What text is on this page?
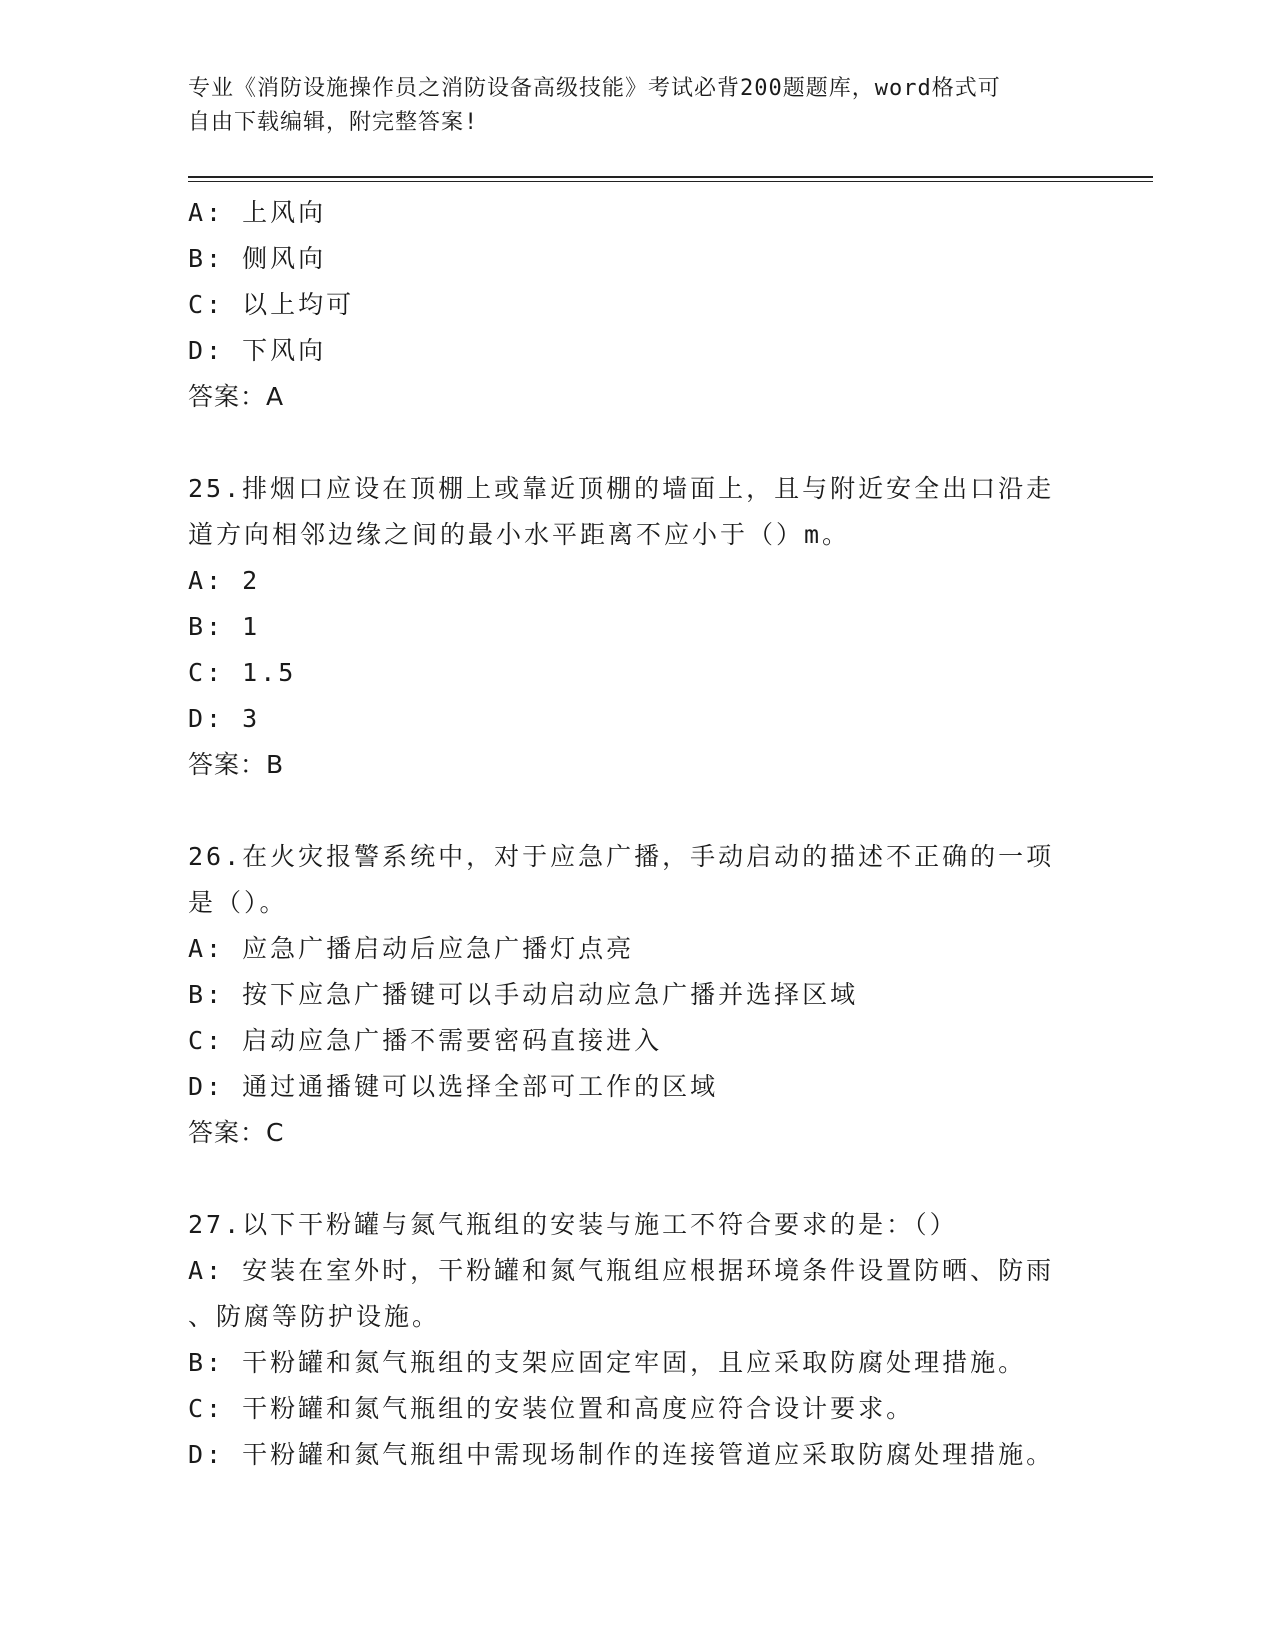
专业《消防设施操作员之消防设备高级技能》考试必背200题题库，word格式可
自由下载编辑，附完整答案!
A: 上风向
B: 侧风向
C: 以上均可
D: 下风向
答案：A
25.排烟口应设在顶棚上或靠近顶棚的墙面上，且与附近安全出口沿走
道方向相邻边缘之间的最小水平距离不应小于（）m。
A: 2
B: 1
C: 1.5
D: 3
答案：B
26.在火灾报警系统中，对于应急广播，手动启动的描述不正确的一项
是（）。
A: 应急广播启动后应急广播灯点亮
B: 按下应急广播键可以手动启动应急广播并选择区域
C: 启动应急广播不需要密码直接进入
D: 通过通播键可以选择全部可工作的区域
答案：C
27.以下干粉罐与氮气瓶组的安装与施工不符合要求的是：（）
A: 安装在室外时，干粉罐和氮气瓶组应根据环境条件设置防晒、防雨
、防腐等防护设施。
B: 干粉罐和氮气瓶组的支架应固定牢固，且应采取防腐处理措施。
C: 干粉罐和氮气瓶组的安装位置和高度应符合设计要求。
D: 干粉罐和氮气瓶组中需现场制作的连接管道应采取防腐处理措施。
